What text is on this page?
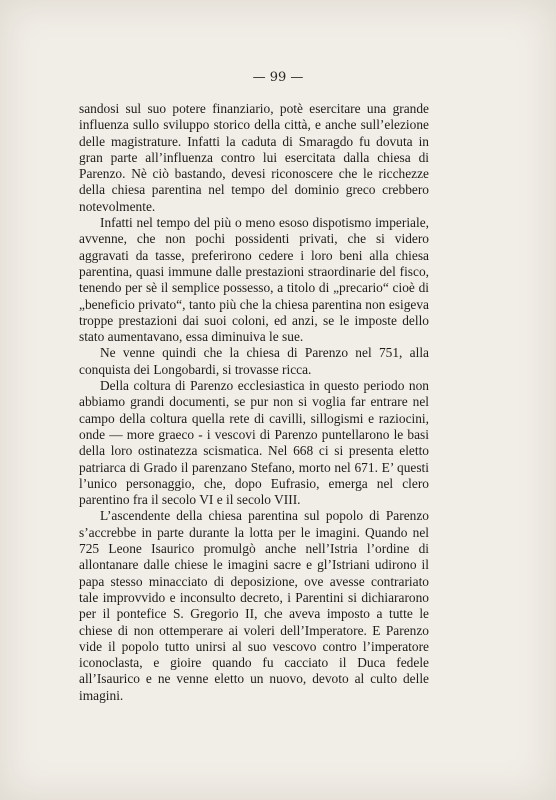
— 99 —

sandosi sul suo potere finanziario, potè esercitare una grande influenza sullo sviluppo storico della città, e anche sull’elezione delle magistrature. Infatti la caduta di Smaragdo fu dovuta in gran parte all’influenza contro lui esercitata dalla chiesa di Parenzo. Nè ciò bastando, devesi riconoscere che le ricchezze della chiesa parentina nel tempo del dominio greco crebbero notevolmente.

Infatti nel tempo del più o meno esoso dispotismo imperiale, avvenne, che non pochi possidenti privati, che si videro aggravati da tasse, preferirono cedere i loro beni alla chiesa parentina, quasi immune dalle prestazioni straordinarie del fisco, tenendo per sè il semplice possesso, a titolo di „precario“ cioè di „beneficio privato“, tanto più che la chiesa parentina non esigeva troppe prestazioni dai suoi coloni, ed anzi, se le imposte dello stato aumentavano, essa diminuiva le sue.

Ne venne quindi che la chiesa di Parenzo nel 751, alla conquista dei Longobardi, si trovasse ricca.

Della coltura di Parenzo ecclesiastica in questo periodo non abbiamo grandi documenti, se pur non si voglia far entrare nel campo della coltura quella rete di cavilli, sillogismi e raziocini, onde — more graeco - i vescovi di Parenzo puntellarono le basi della loro ostinatezza scismatica. Nel 668 ci si presenta eletto patriarca di Grado il parenzano Stefano, morto nel 671. E’ questi l’unico personaggio, che, dopo Eufrasio, emerga nel clero parentino fra il secolo VI e il secolo VIII.

L’ascendente della chiesa parentina sul popolo di Parenzo s’accrebbe in parte durante la lotta per le imagini. Quando nel 725 Leone Isaurico promulgò anche nell’Istria l’ordine di allontanare dalle chiese le imagini sacre e gl’Istriani udirono il papa stesso minacciato di deposizione, ove avesse contrariato tale improvvido e inconsulto decreto, i Parentini si dichiararono per il pontefice S. Gregorio II, che aveva imposto a tutte le chiese di non ottemperare ai voleri dell’Imperatore. E Parenzo vide il popolo tutto unirsi al suo vescovo contro l’imperatore iconoclasta, e gioire quando fu cacciato il Duca fedele all’Isaurico e ne venne eletto un nuovo, devoto al culto delle imagini.
